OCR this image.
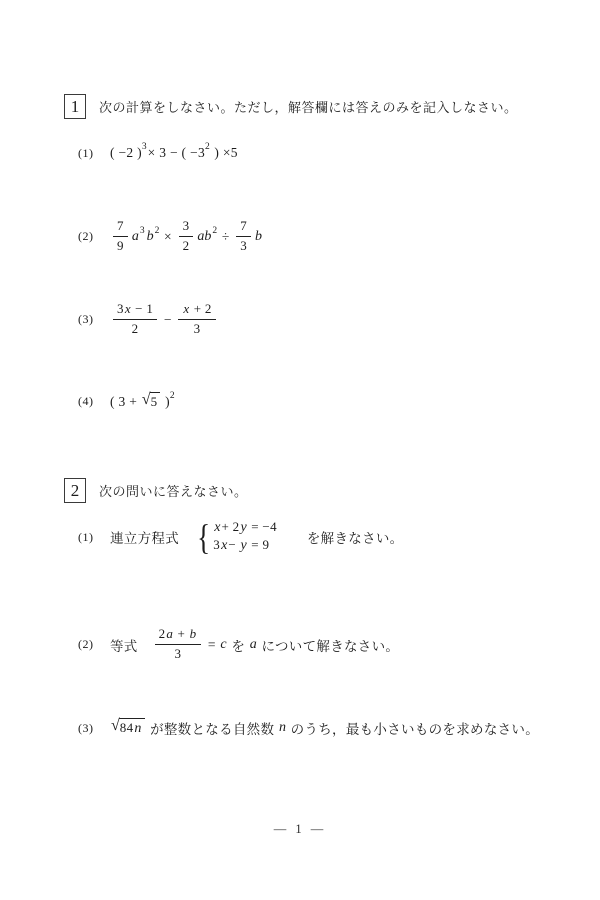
1	次の計算をしなさい。ただし，解答欄には答えのみを記入しなさい。
(1)	( −2 ) 3 × 3 − ( −3 2 ) ×5
(2)	$\frac{7}{9}$ a 3 b $2 \times \frac{3}{2}$ ab $2 \div \frac{7}{3}$ b
(3)	$\frac{3x - 1}{2} - \frac{x + 2}{3}$
(4)	( 3 + √ 5 ) 2
2	次の問いに答えなさい。
(1)	連立方程式 { x+ 2y = −4
3x− y = 9	を解きなさい。
(2)	等式 $\frac{2a + b}{3} = c$ を a について解きなさい。
(3)	√ 84n が整数となる自然数 n のうち，最も小さいものを求めなさい。
— 1 —
